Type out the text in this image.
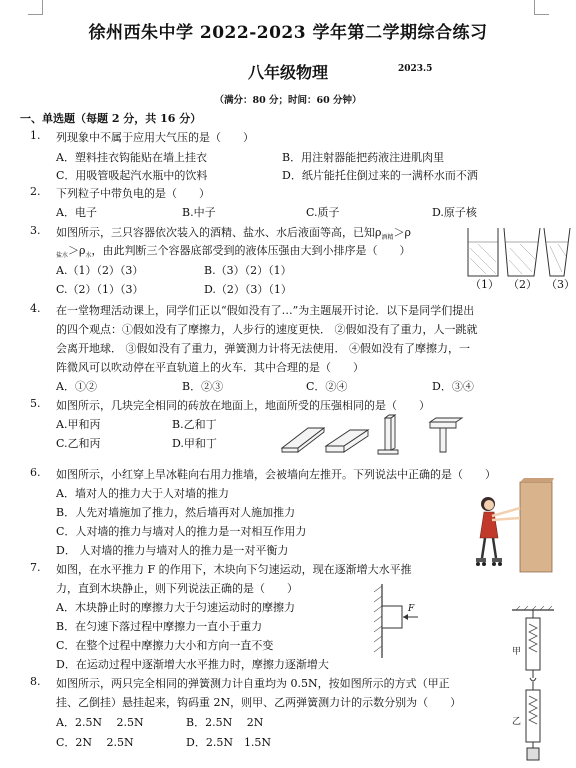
徐州西朱中学 2022-2023 学年第二学期综合练习
八年级物理	2023.5
（满分：80 分；时间：60 分钟）
一、单选题（每题 2 分，共 16 分）
1. 列现象中不属于应用大气压的是（　　）
A．塑料挂衣钩能贴在墙上挂衣	B．用注射器能把药液注进肌肉里
C．用吸管吸起汽水瓶中的饮料	D．纸片能托住倒过来的一满杯水而不洒
2. 下列粒子中带负电的是（　　）
A．电子	B.中子	C.质子	D.原子核
3. 如图所示，三只容器依次装入的酒精、盐水、水后液面等高，已知$\rho_{酒精}>\rho$
$_{盐水}>\rho_水$，由此判断三个容器底部受到的液体压强由大到小排序是（　　）
A.（1）（2）（3）	B.（3）（2）（1）
C.（2）（1）（3）	D.（2）（3）（1）	（1） （2） （3）
4. 在一堂物理活动课上，同学们正以“假如没有了…”为主题展开讨论．以下是同学们提出
的四个观点：①假如没有了摩擦力，人步行的速度更快． ②假如没有了重力，人一跳就
会离开地球． ③假如没有了重力，弹簧测力计将无法使用． ④假如没有了摩擦力，一
阵微风可以吹动停在平直轨道上的火车．其中合理的是（　　）
A．①②	B．②③	C．②④	D．③④
5. 如图所示，几块完全相同的砖放在地面上，地面所受的压强相同的是（　　）
A.甲和丙	B.乙和丁
C.乙和丙	D.甲和丁
6. 如图所示，小红穿上旱冰鞋向右用力推墙，会被墙向左推开。下列说法中正确的是（　　）
A．墙对人的推力大于人对墙的推力
B．人先对墙施加了推力，然后墙再对人施加推力
C．人对墙的推力与墙对人的推力是一对相互作用力
D． 人对墙的推力与墙对人的推力是一对平衡力
7. 如图，在水平推力 F 的作用下，木块向下匀速运动，现在逐渐增大水平推
力，直到木块静止，则下列说法正确的是（　　）
A．木块静止时的摩擦力大于匀速运动时的摩擦力
B．在匀速下落过程中摩擦力一直小于重力
C．在整个过程中摩擦力大小和方向一直不变
D．在运动过程中逐渐增大水平推力时，摩擦力逐渐增大
F
8. 如图所示，两只完全相同的弹簧测力计自重均为 0.5N，按如图所示的方式（甲正
挂、乙倒挂）悬挂起来，钩码重 2N，则甲、乙两弹簧测力计的示数分别为（　　）
A．2.5N　 2.5N	B．2.5N　 2N
C．2N　 2.5N	D．2.5N　1.5N
甲
乙
